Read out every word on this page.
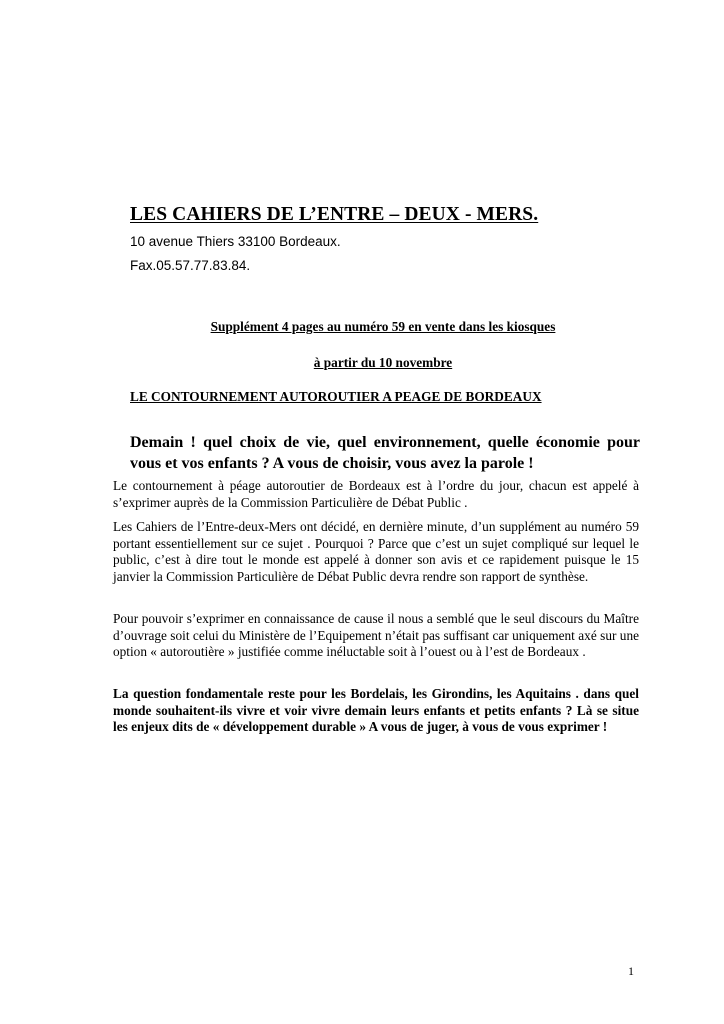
LES CAHIERS DE L’ENTRE – DEUX - MERS.

10 avenue Thiers 33100 Bordeaux.

Fax.05.57.77.83.84.

Supplément 4 pages au numéro 59 en vente dans les kiosques

à partir du 10 novembre

LE CONTOURNEMENT AUTOROUTIER A PEAGE DE BORDEAUX

Demain ! quel choix de vie, quel environnement, quelle économie pour vous et vos enfants ? A vous de choisir, vous avez la parole !

Le contournement à péage autoroutier de Bordeaux est à l’ordre du jour, chacun est appelé à s’exprimer auprès de la Commission Particulière de Débat Public .

Les Cahiers de l’Entre-deux-Mers ont décidé, en dernière minute, d’un supplément au numéro 59 portant essentiellement sur ce sujet . Pourquoi ? Parce que c’est un sujet compliqué sur lequel le public, c’est à dire tout le monde est appelé à donner son avis et ce rapidement puisque le 15 janvier la Commission Particulière de Débat Public devra rendre son rapport de synthèse.

Pour pouvoir s’exprimer en connaissance de cause il nous a semblé que le seul discours du Maître d’ouvrage soit celui du Ministère de l’Equipement n’était pas suffisant car uniquement axé sur une option « autoroutière » justifiée comme inéluctable soit à l’ouest ou à l’est de Bordeaux .

La question fondamentale reste pour les Bordelais, les Girondins, les Aquitains . dans quel monde souhaitent-ils vivre et voir vivre demain leurs enfants et petits enfants ? Là se situe les enjeux dits de « développement durable » A vous de juger, à vous de vous exprimer !

1
